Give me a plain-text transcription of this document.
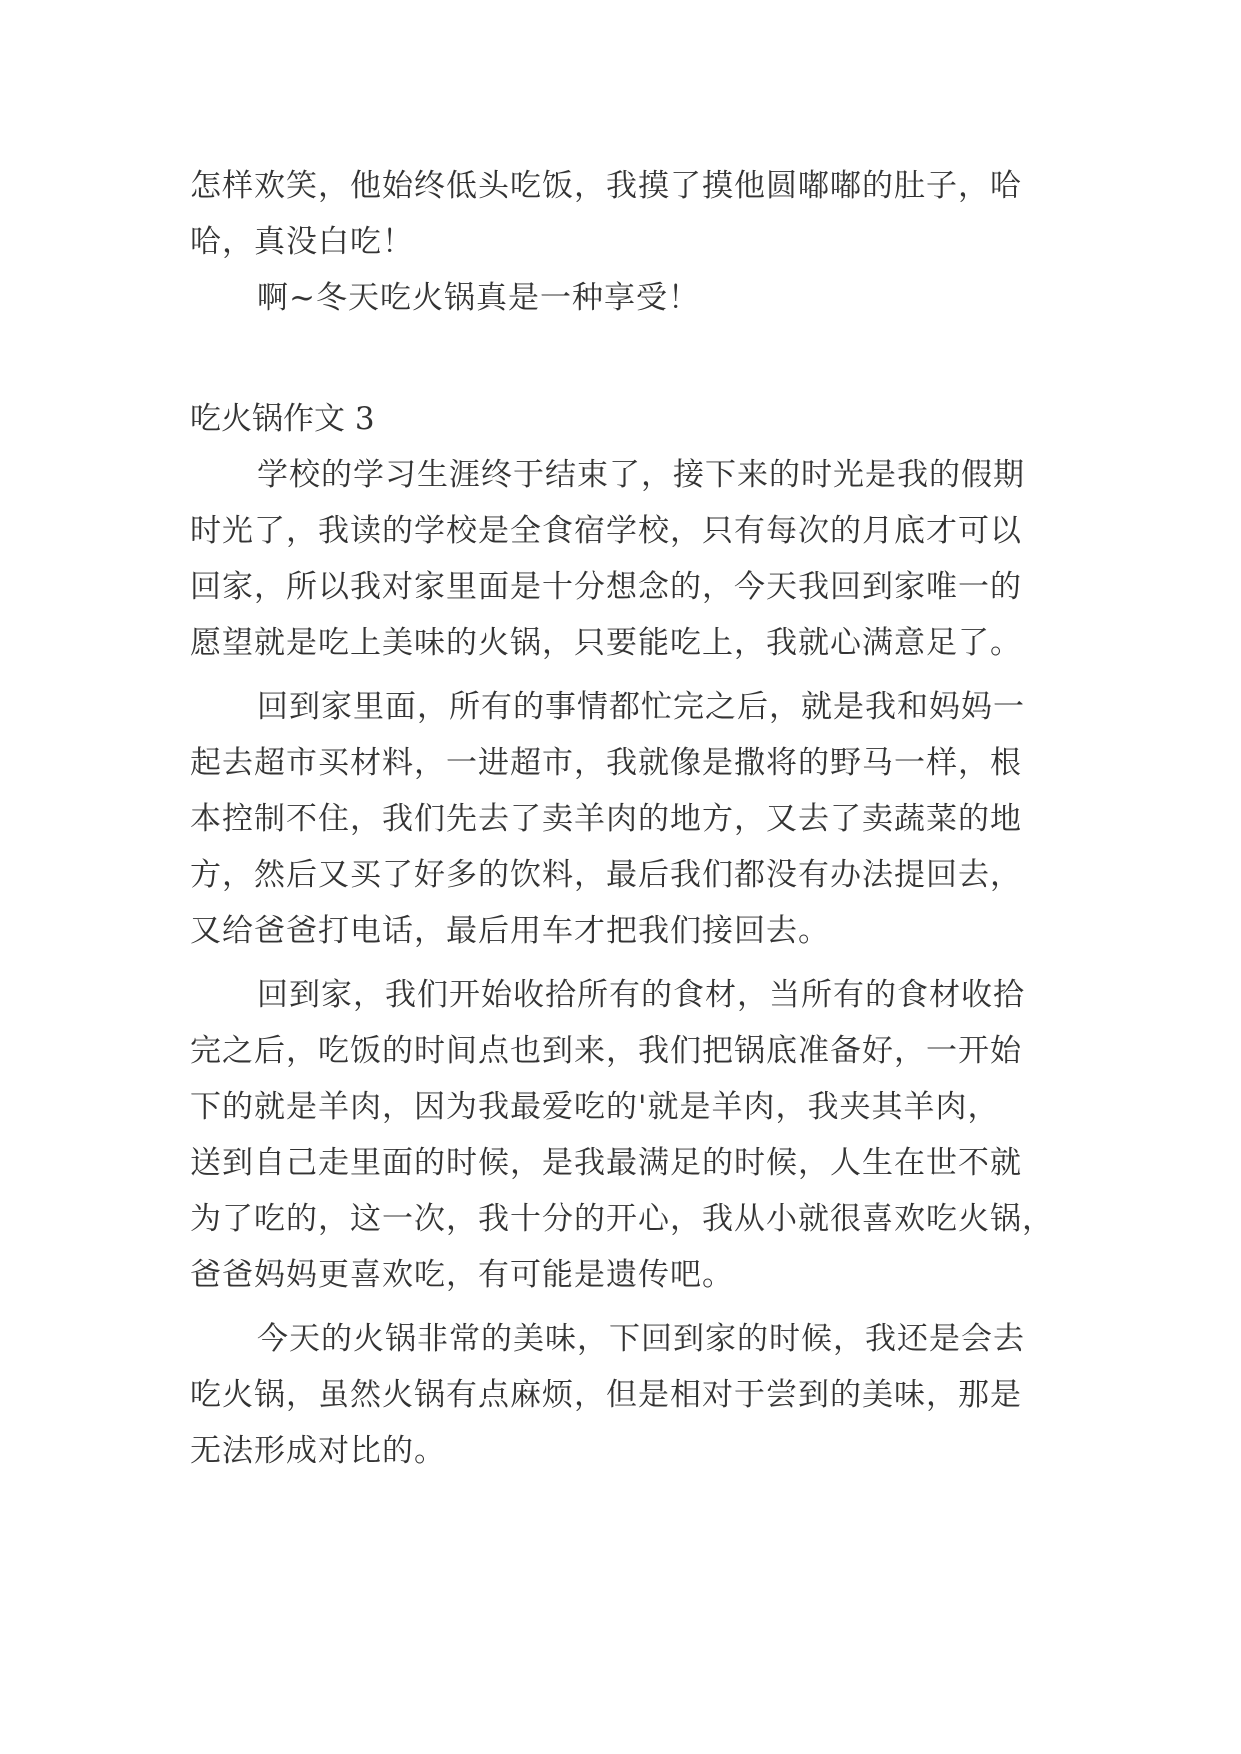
怎样欢笑，他始终低头吃饭，我摸了摸他圆嘟嘟的肚子，哈

哈，真没白吃！

啊~冬天吃火锅真是一种享受！

吃火锅作文 3

学校的学习生涯终于结束了，接下来的时光是我的假期

时光了，我读的学校是全食宿学校，只有每次的月底才可以

回家，所以我对家里面是十分想念的，今天我回到家唯一的

愿望就是吃上美味的火锅，只要能吃上，我就心满意足了。

回到家里面，所有的事情都忙完之后，就是我和妈妈一

起去超市买材料，一进超市，我就像是撒将的野马一样，根

本控制不住，我们先去了卖羊肉的地方，又去了卖蔬菜的地

方，然后又买了好多的饮料，最后我们都没有办法提回去，

又给爸爸打电话，最后用车才把我们接回去。

回到家，我们开始收拾所有的食材，当所有的食材收拾

完之后，吃饭的时间点也到来，我们把锅底准备好，一开始

下的就是羊肉，因为我最爱吃的'就是羊肉，我夹其羊肉，

送到自己走里面的时候，是我最满足的时候，人生在世不就

为了吃的，这一次，我十分的开心，我从小就很喜欢吃火锅，

爸爸妈妈更喜欢吃，有可能是遗传吧。

今天的火锅非常的美味，下回到家的时候，我还是会去

吃火锅，虽然火锅有点麻烦，但是相对于尝到的美味，那是

无法形成对比的。
